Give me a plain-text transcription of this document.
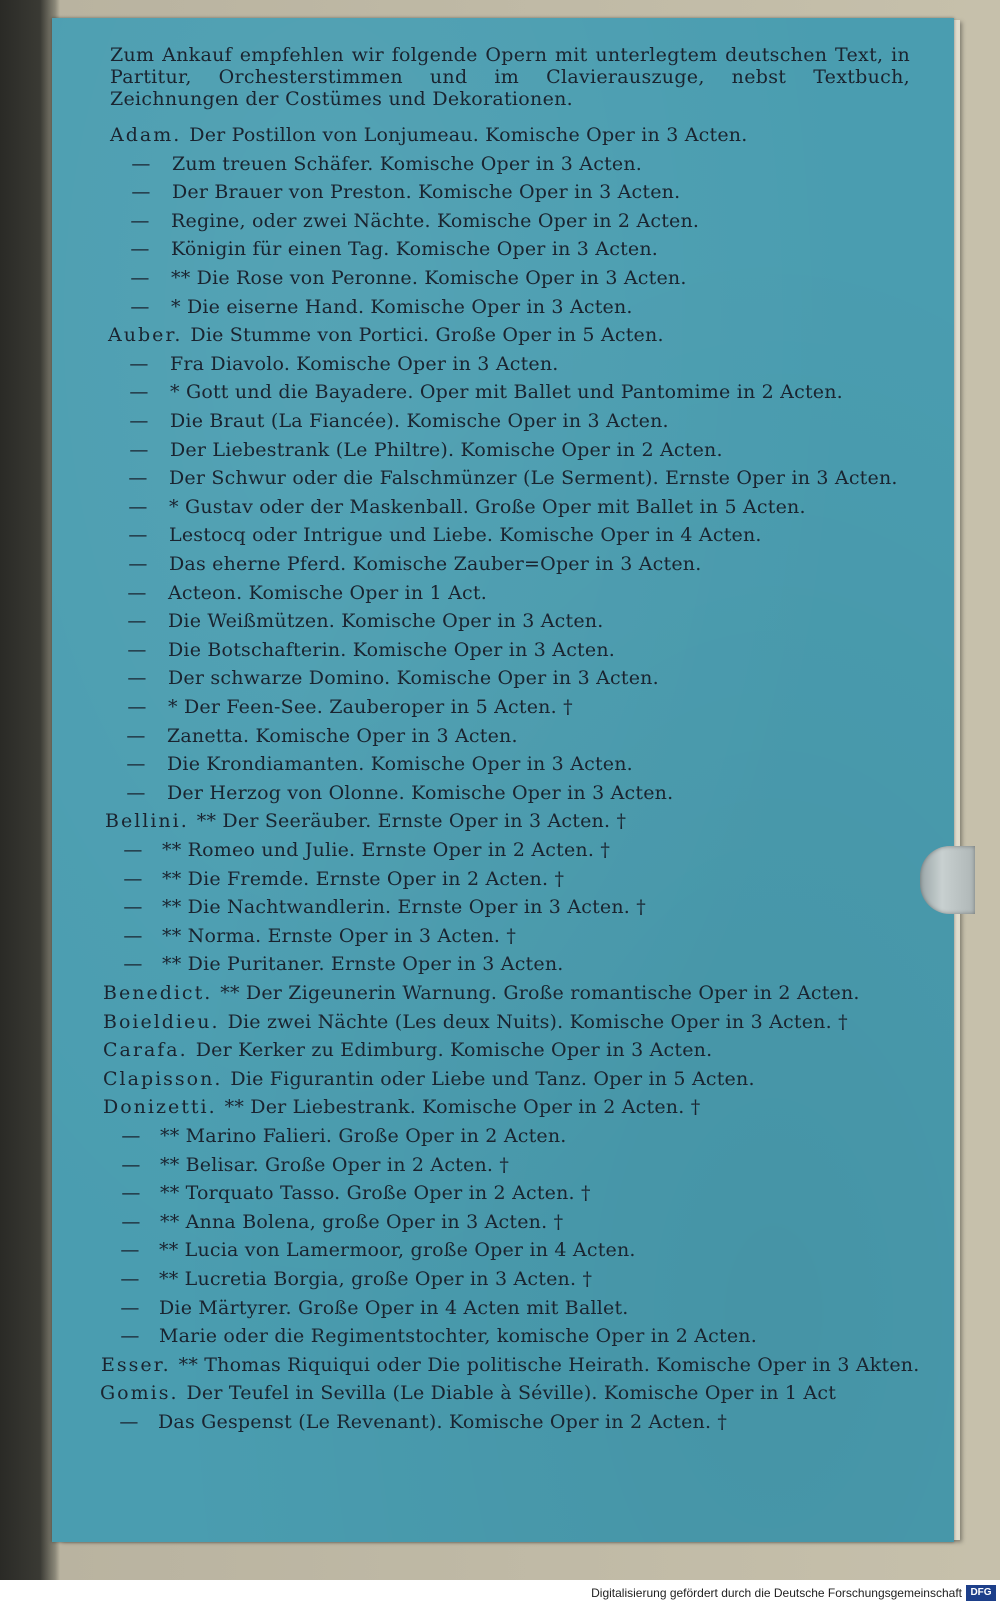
Zum Ankauf empfehlen wir folgende Opern mit unterlegtem deutschen Text, in Partitur, Orchesterstimmen und im Clavierauszuge, nebst Textbuch, Zeichnungen der Costümes und Dekorationen.
Adam. Der Postillon von Lonjumeau. Komische Oper in 3 Acten.
— Zum treuen Schäfer. Komische Oper in 3 Acten.
— Der Brauer von Preston. Komische Oper in 3 Acten.
— Regine, oder zwei Nächte. Komische Oper in 2 Acten.
— Königin für einen Tag. Komische Oper in 3 Acten.
— ** Die Rose von Peronne. Komische Oper in 3 Acten.
— * Die eiserne Hand. Komische Oper in 3 Acten.
Auber. Die Stumme von Portici. Große Oper in 5 Acten.
— Fra Diavolo. Komische Oper in 3 Acten.
— * Gott und die Bayadere. Oper mit Ballet und Pantomime in 2 Acten.
— Die Braut (La Fiancée). Komische Oper in 3 Acten.
— Der Liebestrank (Le Philtre). Komische Oper in 2 Acten.
— Der Schwur oder die Falschmünzer (Le Serment). Ernste Oper in 3 Acten.
— * Gustav oder der Maskenball. Große Oper mit Ballet in 5 Acten.
— Lestocq oder Intrigue und Liebe. Komische Oper in 4 Acten.
— Das eherne Pferd. Komische Zauber=Oper in 3 Acten.
— Acteon. Komische Oper in 1 Act.
— Die Weißmützen. Komische Oper in 3 Acten.
— Die Botschafterin. Komische Oper in 3 Acten.
— Der schwarze Domino. Komische Oper in 3 Acten.
— * Der Feen-See. Zauberoper in 5 Acten. †
— Zanetta. Komische Oper in 3 Acten.
— Die Krondiamanten. Komische Oper in 3 Acten.
— Der Herzog von Olonne. Komische Oper in 3 Acten.
Bellini. ** Der Seeräuber. Ernste Oper in 3 Acten. †
— ** Romeo und Julie. Ernste Oper in 2 Acten. †
— ** Die Fremde. Ernste Oper in 2 Acten. †
— ** Die Nachtwandlerin. Ernste Oper in 3 Acten. †
— ** Norma. Ernste Oper in 3 Acten. †
— ** Die Puritaner. Ernste Oper in 3 Acten.
Benedict. ** Der Zigeunerin Warnung. Große romantische Oper in 2 Acten.
Boieldieu. Die zwei Nächte (Les deux Nuits). Komische Oper in 3 Acten. †
Carafa. Der Kerker zu Edimburg. Komische Oper in 3 Acten.
Clapisson. Die Figurantin oder Liebe und Tanz. Oper in 5 Acten.
Donizetti. ** Der Liebestrank. Komische Oper in 2 Acten. †
— ** Marino Falieri. Große Oper in 2 Acten.
— ** Belisar. Große Oper in 2 Acten. †
— ** Torquato Tasso. Große Oper in 2 Acten. †
— ** Anna Bolena, große Oper in 3 Acten. †
— ** Lucia von Lamermoor, große Oper in 4 Acten.
— ** Lucretia Borgia, große Oper in 3 Acten. †
— Die Märtyrer. Große Oper in 4 Acten mit Ballet.
— Marie oder die Regimentstochter, komische Oper in 2 Acten.
Esser. ** Thomas Riquiqui oder Die politische Heirath. Komische Oper in 3 Akten.
Gomis. Der Teufel in Sevilla (Le Diable à Séville). Komische Oper in 1 Act
— Das Gespenst (Le Revenant). Komische Oper in 2 Acten. †
Digitalisierung gefördert durch die Deutsche Forschungsgemeinschaft DFG
